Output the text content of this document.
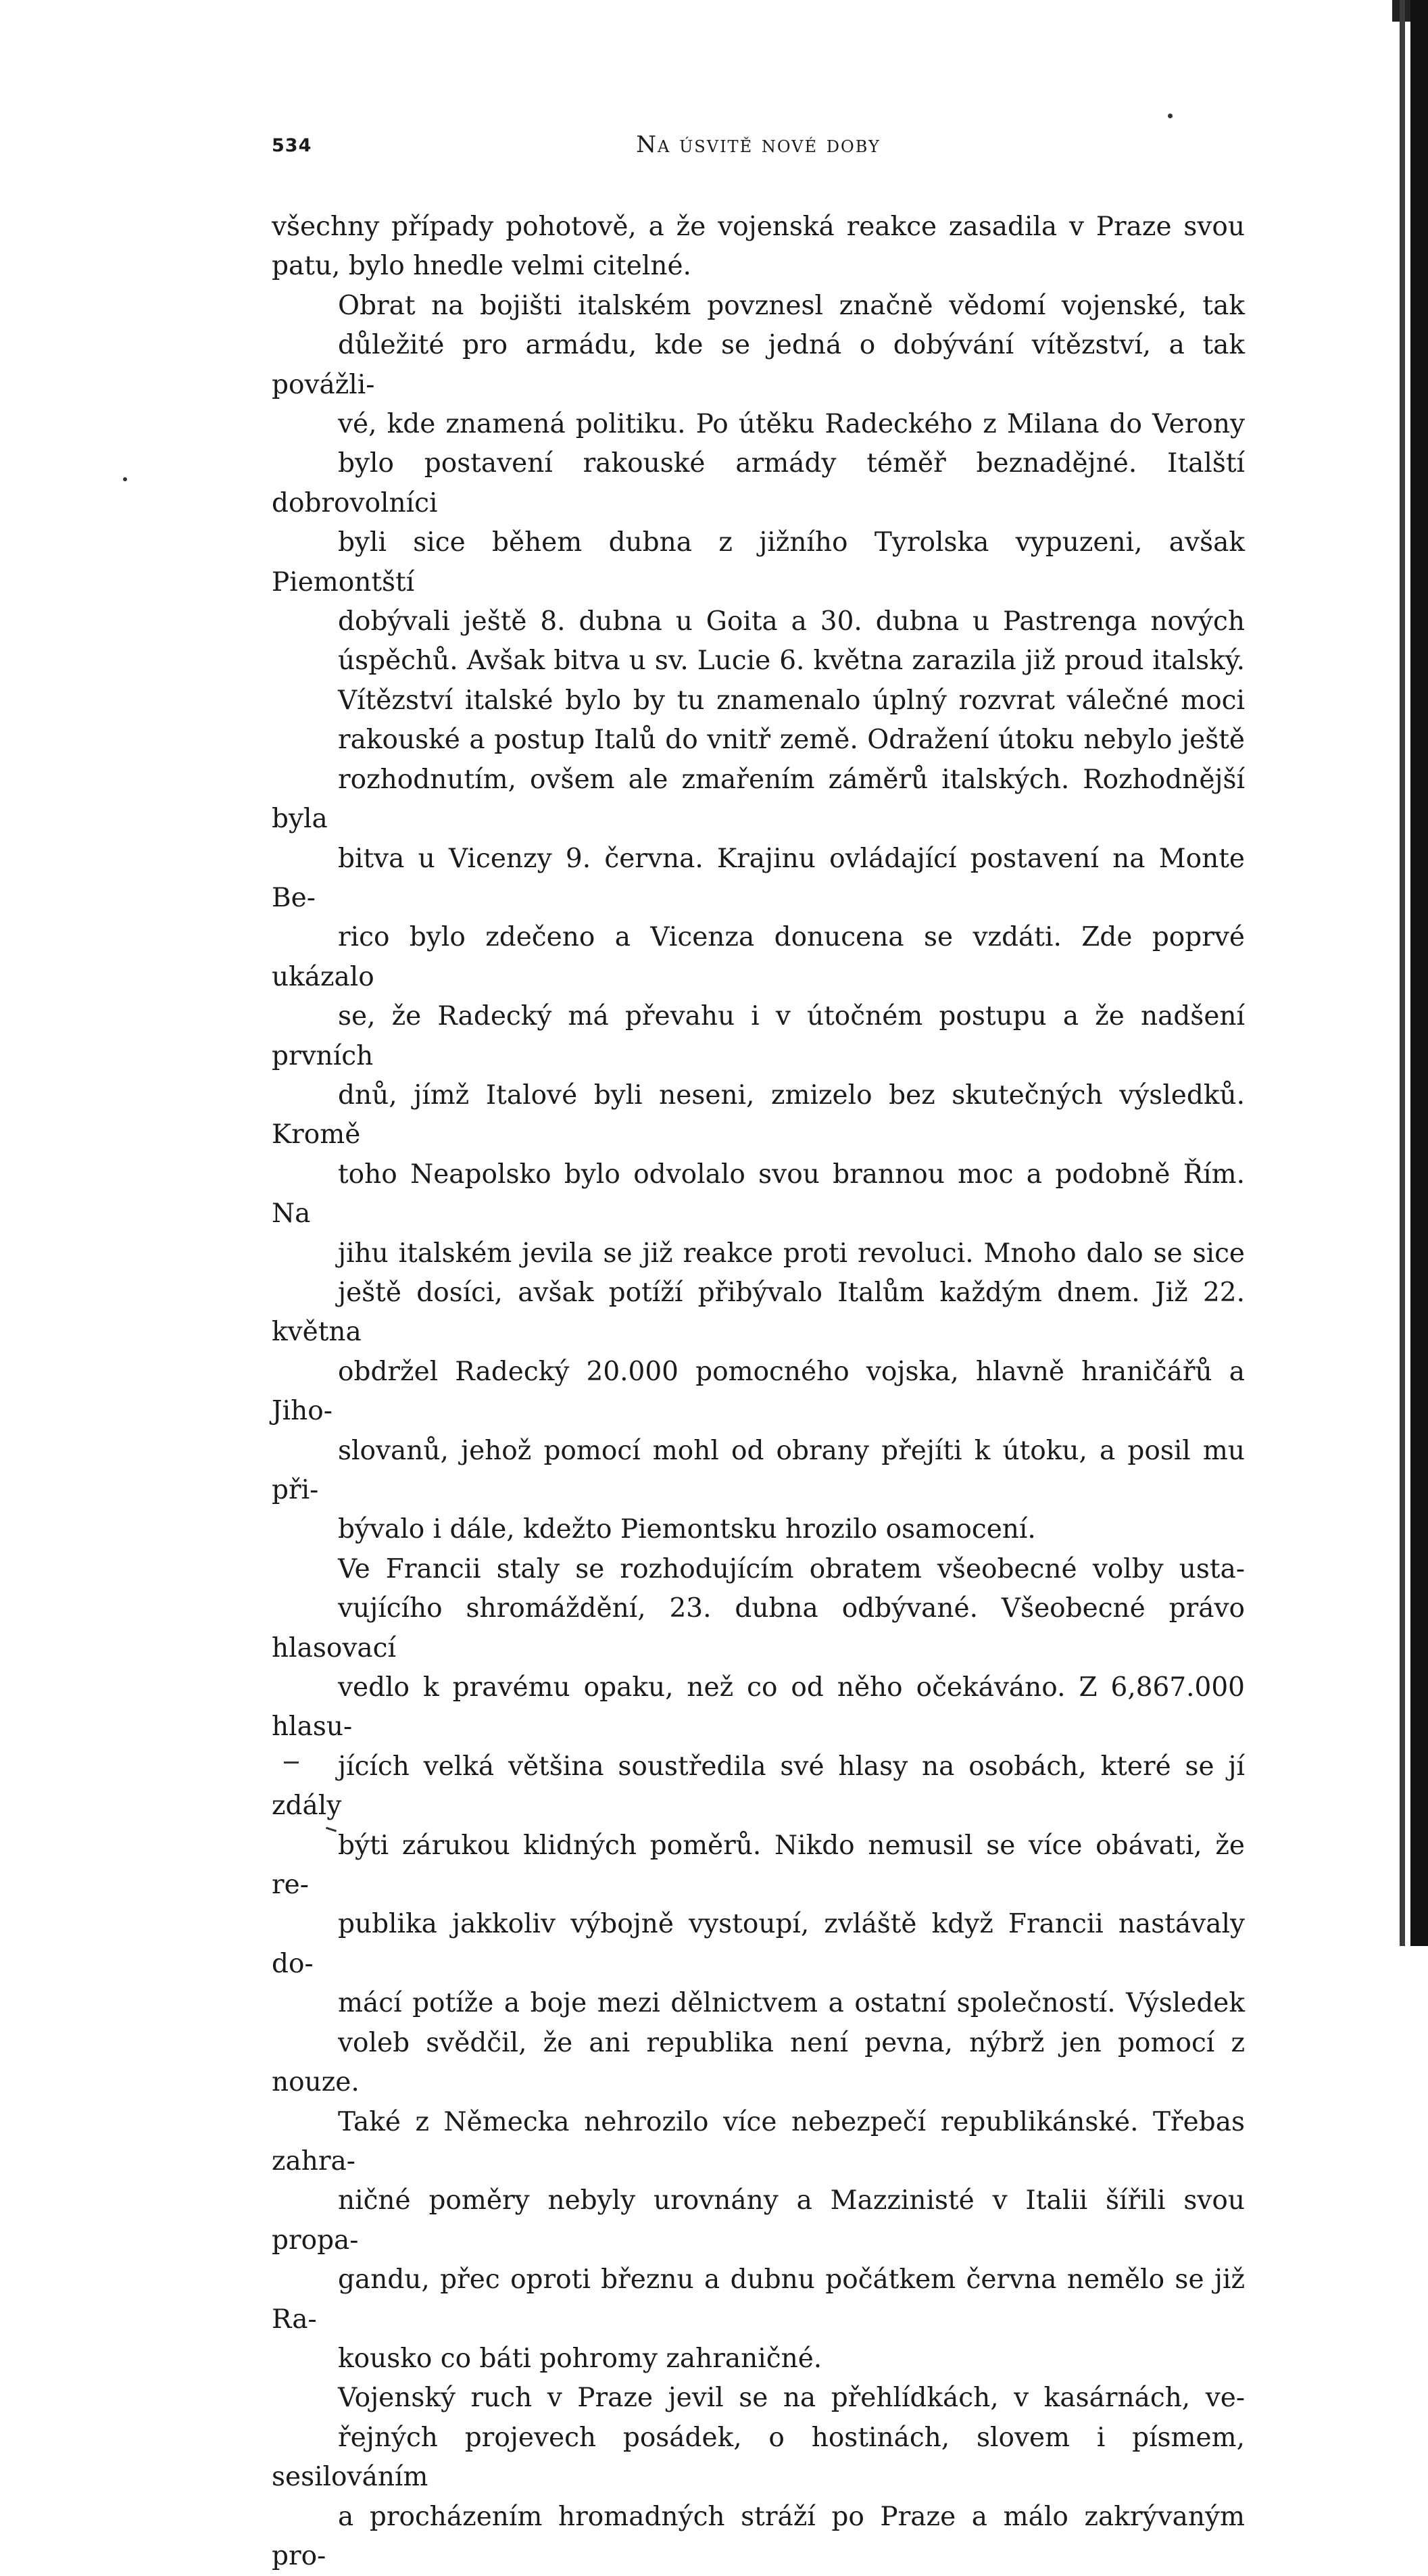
534	Na úsvitě nové doby

všechny případy pohotově, a že vojenská reakce zasadila v Praze svou
patu, bylo hnedle velmi citelné.

Obrat na bojišti italském povznesl značně vědomí vojenské, tak
důležité pro armádu, kde se jedná o dobývání vítězství, a tak povážli-
vé, kde znamená politiku. Po útěku Radeckého z Milana do Verony
bylo postavení rakouské armády téměř beznadějné. Italští dobrovolníci
byli sice během dubna z jižního Tyrolska vypuzeni, avšak Piemontští
dobývali ještě 8. dubna u Goita a 30. dubna u Pastrenga nových
úspěchů. Avšak bitva u sv. Lucie 6. května zarazila již proud italský.
Vítězství italské bylo by tu znamenalo úplný rozvrat válečné moci
rakouské a postup Italů do vnitř země. Odražení útoku nebylo ještě
rozhodnutím, ovšem ale zmařením záměrů italských. Rozhodnější byla
bitva u Vicenzy 9. června. Krajinu ovládající postavení na Monte Be-
rico bylo zdečeno a Vicenza donucena se vzdáti. Zde poprvé ukázalo
se, že Radecký má převahu i v útočném postupu a že nadšení prvních
dnů, jímž Italové byli neseni, zmizelo bez skutečných výsledků. Kromě
toho Neapolsko bylo odvolalo svou brannou moc a podobně Řím. Na
jihu italském jevila se již reakce proti revoluci. Mnoho dalo se sice
ještě dosíci, avšak potíží přibývalo Italům každým dnem. Již 22. května
obdržel Radecký 20.000 pomocného vojska, hlavně hraničářů a Jiho-
slovanů, jehož pomocí mohl od obrany přejíti k útoku, a posil mu při-
bývalo i dále, kdežto Piemontsku hrozilo osamocení.

Ve Francii staly se rozhodujícím obratem všeobecné volby usta-
vujícího shromáždění, 23. dubna odbývané. Všeobecné právo hlasovací
vedlo k pravému opaku, než co od něho očekáváno. Z 6,867.000 hlasu-
jících velká většina soustředila své hlasy na osobách, které se jí zdály
býti zárukou klidných poměrů. Nikdo nemusil se více obávati, že re-
publika jakkoliv výbojně vystoupí, zvláště když Francii nastávaly do-
mácí potíže a boje mezi dělnictvem a ostatní společností. Výsledek
voleb svědčil, že ani republika není pevna, nýbrž jen pomocí z nouze.
Také z Německa nehrozilo více nebezpečí republikánské. Třebas zahra-
ničné poměry nebyly urovnány a Mazzinisté v Italii šířili svou propa-
gandu, přec oproti březnu a dubnu počátkem června nemělo se již Ra-
kousko co báti pohromy zahraničné.

Vojenský ruch v Praze jevil se na přehlídkách, v kasárnách, ve-
řejných projevech posádek, o hostinách, slovem i písmem, sesilováním
a procházením hromadných stráží po Praze a málo zakrývaným pro-
